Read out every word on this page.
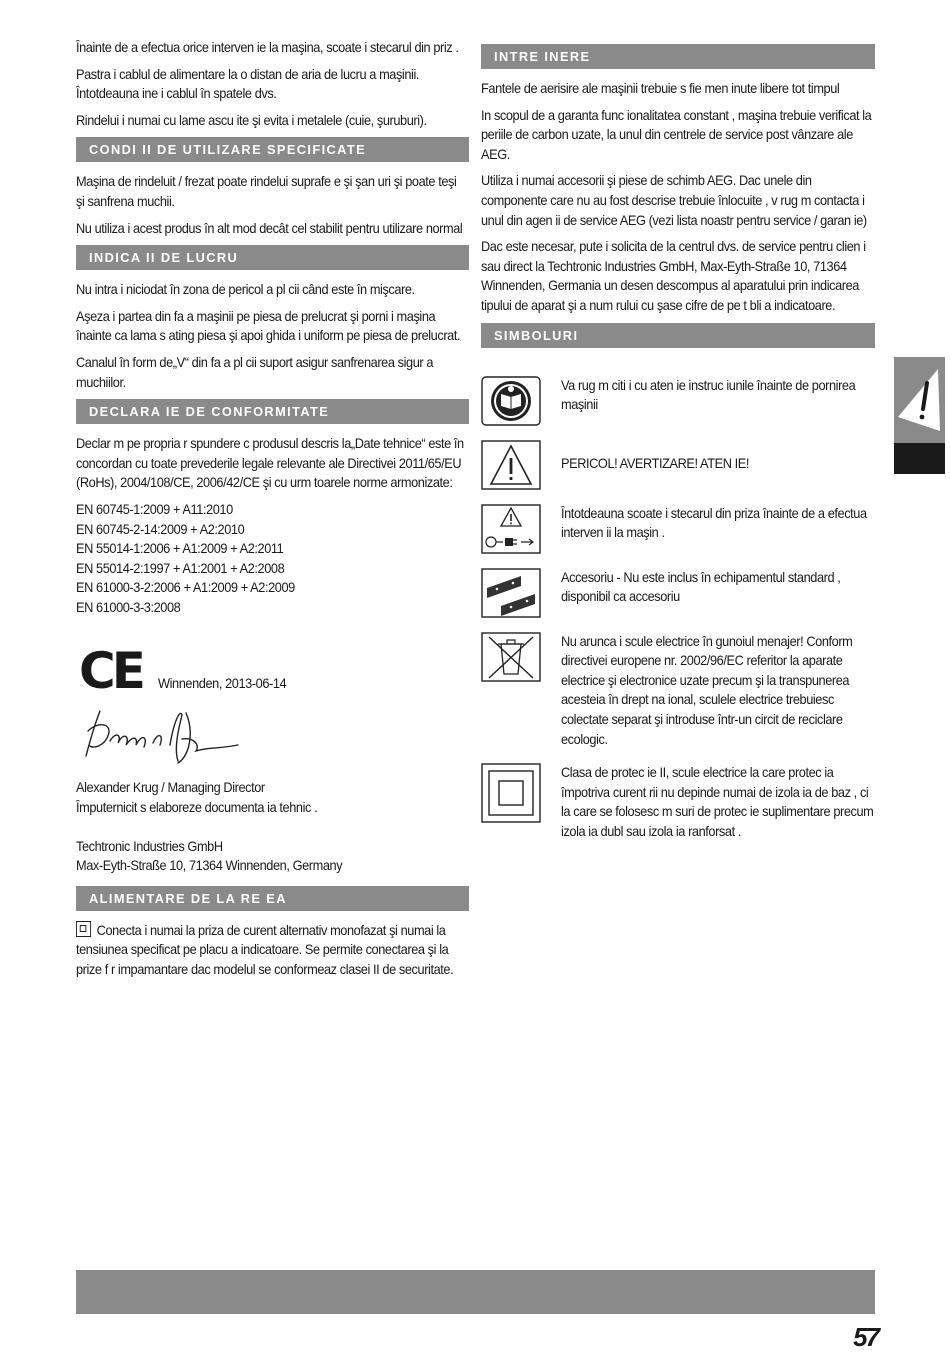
Înainte de a efectua orice interven ie la maşina, scoate i stecarul din priz .

Pastra i cablul de alimentare la o distan de aria de lucru a maşinii. Întotdeauna ine i cablul în spatele dvs.

Rindelui i numai cu lame ascu ite şi evita i metalele (cuie, şuruburi).

CONDI II DE UTILIZARE SPECIFICATE

Maşina de rindeluit / frezat poate rindelui suprafe e şi şan uri şi poate teşi şi sanfrena muchii.

Nu utiliza i acest produs în alt mod decât cel stabilit pentru utilizare normal

INDICA II DE LUCRU

Nu intra i niciodat în zona de pericol a pl cii când este în mişcare.

Aşeza i partea din fa a maşinii pe piesa de prelucrat şi porni i maşina înainte ca lama s ating piesa şi apoi ghida i uniform pe piesa de prelucrat.

Canalul în form de„V“ din fa a pl cii suport asigur sanfrenarea sigur a muchiilor.

DECLARA IE DE CONFORMITATE

Declar m pe propria r spundere c produsul descris la„Date tehnice“ este în concordan cu toate prevederile legale relevante ale Directivei 2011/65/EU (RoHs), 2004/108/CE, 2006/42/CE şi cu urm toarele norme armonizate:

EN 60745-1:2009 + A11:2010

EN 60745-2-14:2009 + A2:2010

EN 55014-1:2006 + A1:2009 + A2:2011

EN 55014-2:1997 + A1:2001 + A2:2008

EN 61000-3-2:2006 + A1:2009 + A2:2009

EN 61000-3-3:2008

CE Winnenden, 2013-06-14

Alexander Krug / Managing Director

Împuternicit s elaboreze documenta ia tehnic .

Techtronic Industries GmbH

Max-Eyth-Straße 10, 71364 Winnenden, Germany

ALIMENTARE DE LA RE EA

Conecta i numai la priza de curent alternativ monofazat şi numai la tensiunea specificat pe placu a indicatoare. Se permite conectarea şi la prize f r impamantare dac modelul se conformeaz clasei II de securitate.

INTRE INERE

Fantele de aerisire ale maşinii trebuie s fie men inute libere tot timpul

In scopul de a garanta func ionalitatea constant , maşina trebuie verificat la periile de carbon uzate, la unul din centrele de service post vânzare ale AEG.

Utiliza i numai accesorii şi piese de schimb AEG. Dac unele din componente care nu au fost descrise trebuie înlocuite , v rug m contacta i unul din agen ii de service AEG (vezi lista noastr pentru service / garan ie)

Dac este necesar, pute i solicita de la centrul dvs. de service pentru clien i sau direct la Techtronic Industries GmbH, Max-Eyth-Straße 10, 71364 Winnenden, Germania un desen descompus al aparatului prin indicarea tipului de aparat şi a num rului cu şase cifre de pe t bli a indicatoare.

SIMBOLURI

Va rug m citi i cu aten ie instruc iunile înainte de pornirea maşinii

PERICOL! AVERTIZARE! ATEN IE!

Întotdeauna scoate i stecarul din priza înainte de a efectua interven ii la maşin .

Accesoriu - Nu este inclus în echipamentul standard , disponibil ca accesoriu

Nu arunca i scule electrice în gunoiul menajer! Conform directivei europene nr. 2002/96/EC referitor la aparate electrice şi electronice uzate precum şi la transpunerea acesteia în drept na ional, sculele electrice trebuiesc colectate separat şi introduse într-un circit de reciclare ecologic.

Clasa de protec ie II, scule electrice la care protec ia împotriva curent rii nu depinde numai de izola ia de baz , ci la care se folosesc m suri de protec ie suplimentare precum izola ia dubl sau izola ia ranforsat .

57
